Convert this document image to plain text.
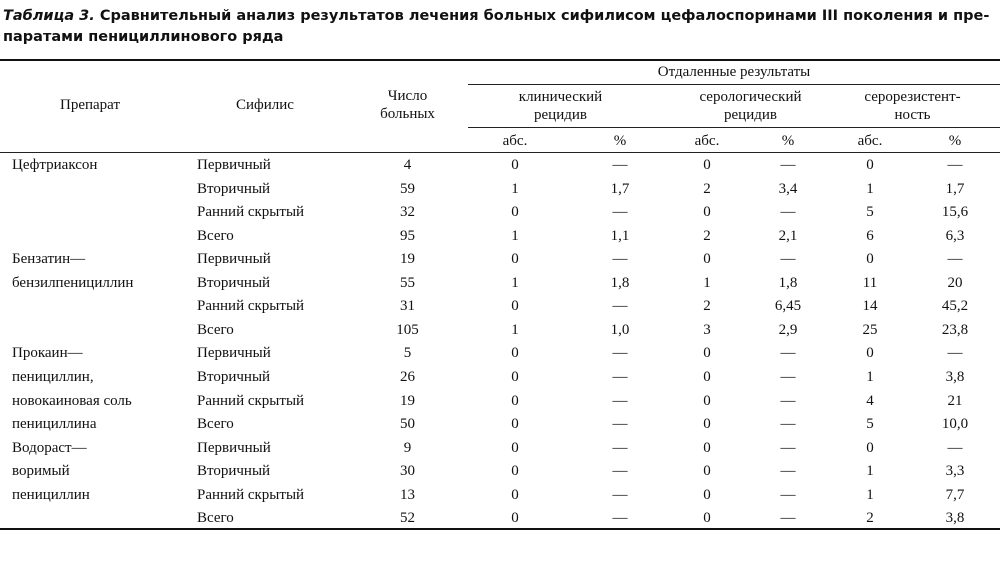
Таблица 3. Сравнительный анализ результатов лечения больных сифилисом цефалоспоринами III поколения и пре-
паратами пенициллинового ряда
Препарат	Сифилис
Число
больных
Отдаленные результаты
клинический
рецидив
серологический
рецидив
серорезистент-
ность
абс.	%	абс.	%	абс.	%
Цефтриаксон	Первичный	4	0	—	0	—	0	—
Вторичный	59	1	1,7	2	3,4	1	1,7
Ранний скрытый	32	0	—	0	—	5	15,6
Всего	95	1	1,1	2	2,1	6	6,3
Бензатин—
бензилпенициллин
Первичный	19	0	—	0	—	0	—
Вторичный	55	1	1,8	1	1,8	11	20
Ранний скрытый	31	0	—	2	6,45	14	45,2
Всего	105	1	1,0	3	2,9	25	23,8
Прокаин—
пенициллин,
новокаиновая соль
пенициллина
Первичный	5	0	—	0	—	0	—
Вторичный	26	0	—	0	—	1	3,8
Ранний скрытый	19	0	—	0	—	4	21
Всего	50	0	—	0	—	5	10,0
Водораст—
воримый
пенициллин
Первичный	9	0	—	0	—	0	—
Вторичный	30	0	—	0	—	1	3,3
Ранний скрытый	13	0	—	0	—	1	7,7
Всего	52	0	—	0	—	2	3,8
